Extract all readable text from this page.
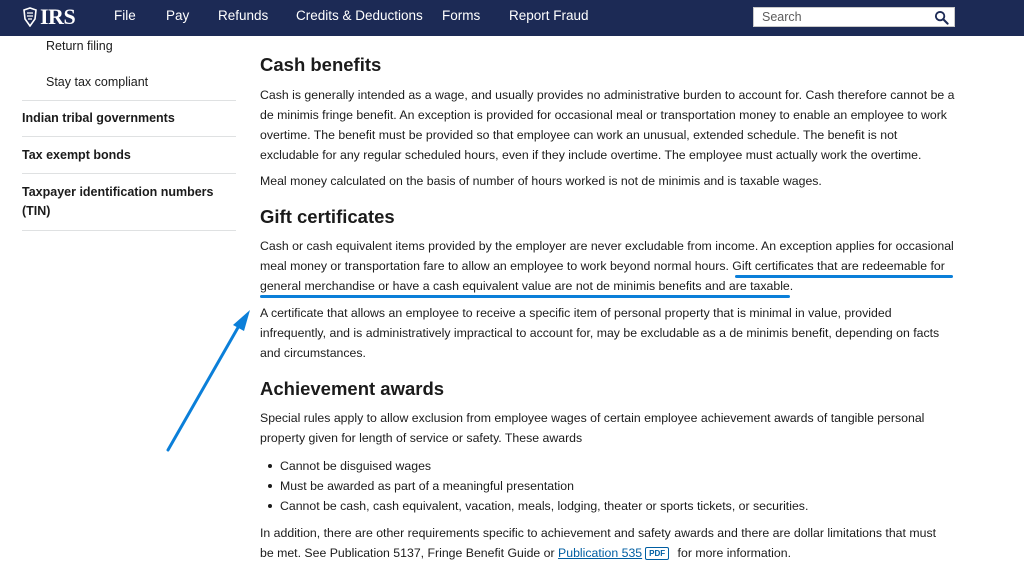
IRS	File Pay Refunds Credits & Deductions Forms Report Fraud
Search
Return filing
Stay tax compliant
Indian tribal governments
Tax exempt bonds
Taxpayer identification numbers (TIN)
Cash benefits
Cash is generally intended as a wage, and usually provides no administrative burden to account for. Cash therefore cannot be a
de minimis fringe benefit. An exception is provided for occasional meal or transportation money to enable an employee to work
overtime. The benefit must be provided so that employee can work an unusual, extended schedule. The benefit is not
excludable for any regular scheduled hours, even if they include overtime. The employee must actually work the overtime.
Meal money calculated on the basis of number of hours worked is not de minimis and is taxable wages.
Gift certificates
Cash or cash equivalent items provided by the employer are never excludable from income. An exception applies for occasional
meal money or transportation fare to allow an employee to work beyond normal hours. Gift certificates that are redeemable for
general merchandise or have a cash equivalent value are not de minimis benefits and are taxable.
A certificate that allows an employee to receive a specific item of personal property that is minimal in value, provided
infrequently, and is administratively impractical to account for, may be excludable as a de minimis benefit, depending on facts
and circumstances.
Achievement awards
Special rules apply to allow exclusion from employee wages of certain employee achievement awards of tangible personal
property given for length of service or safety. These awards
Cannot be disguised wages
Must be awarded as part of a meaningful presentation
Cannot be cash, cash equivalent, vacation, meals, lodging, theater or sports tickets, or securities.
In addition, there are other requirements specific to achievement and safety awards and there are dollar limitations that must
be met. See Publication 5137, Fringe Benefit Guide or Publication 535 PDF for more information.
